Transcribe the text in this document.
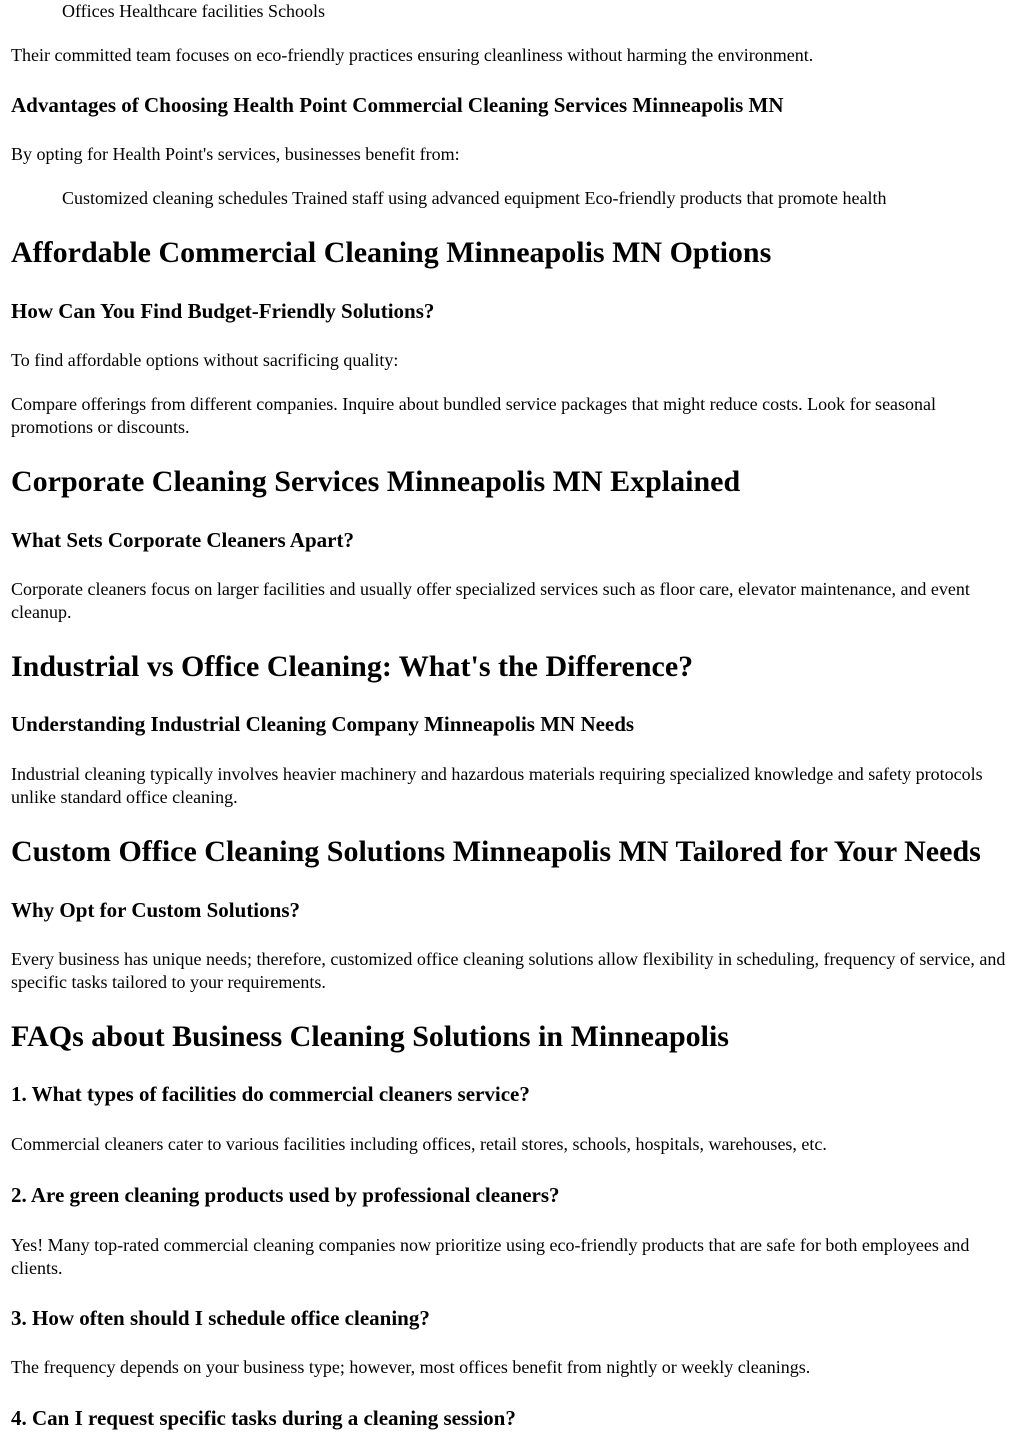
Offices Healthcare facilities Schools

Their committed team focuses on eco-friendly practices ensuring cleanliness without harming the environment.

Advantages of Choosing Health Point Commercial Cleaning Services Minneapolis MN

By opting for Health Point's services, businesses benefit from:

Customized cleaning schedules Trained staff using advanced equipment Eco-friendly products that promote health

Affordable Commercial Cleaning Minneapolis MN Options
How Can You Find Budget-Friendly Solutions?

To find affordable options without sacrificing quality:

Compare offerings from different companies. Inquire about bundled service packages that might reduce costs. Look for seasonal promotions or discounts.

Corporate Cleaning Services Minneapolis MN Explained
What Sets Corporate Cleaners Apart?

Corporate cleaners focus on larger facilities and usually offer specialized services such as floor care, elevator maintenance, and event cleanup.

Industrial vs Office Cleaning: What's the Difference?
Understanding Industrial Cleaning Company Minneapolis MN Needs

Industrial cleaning typically involves heavier machinery and hazardous materials requiring specialized knowledge and safety protocols unlike standard office cleaning.

Custom Office Cleaning Solutions Minneapolis MN Tailored for Your Needs
Why Opt for Custom Solutions?

Every business has unique needs; therefore, customized office cleaning solutions allow flexibility in scheduling, frequency of service, and specific tasks tailored to your requirements.

FAQs about Business Cleaning Solutions in Minneapolis
1. What types of facilities do commercial cleaners service?

Commercial cleaners cater to various facilities including offices, retail stores, schools, hospitals, warehouses, etc.

2. Are green cleaning products used by professional cleaners?

Yes! Many top-rated commercial cleaning companies now prioritize using eco-friendly products that are safe for both employees and clients.

3. How often should I schedule office cleaning?

The frequency depends on your business type; however, most offices benefit from nightly or weekly cleanings.

4. Can I request specific tasks during a cleaning session?
